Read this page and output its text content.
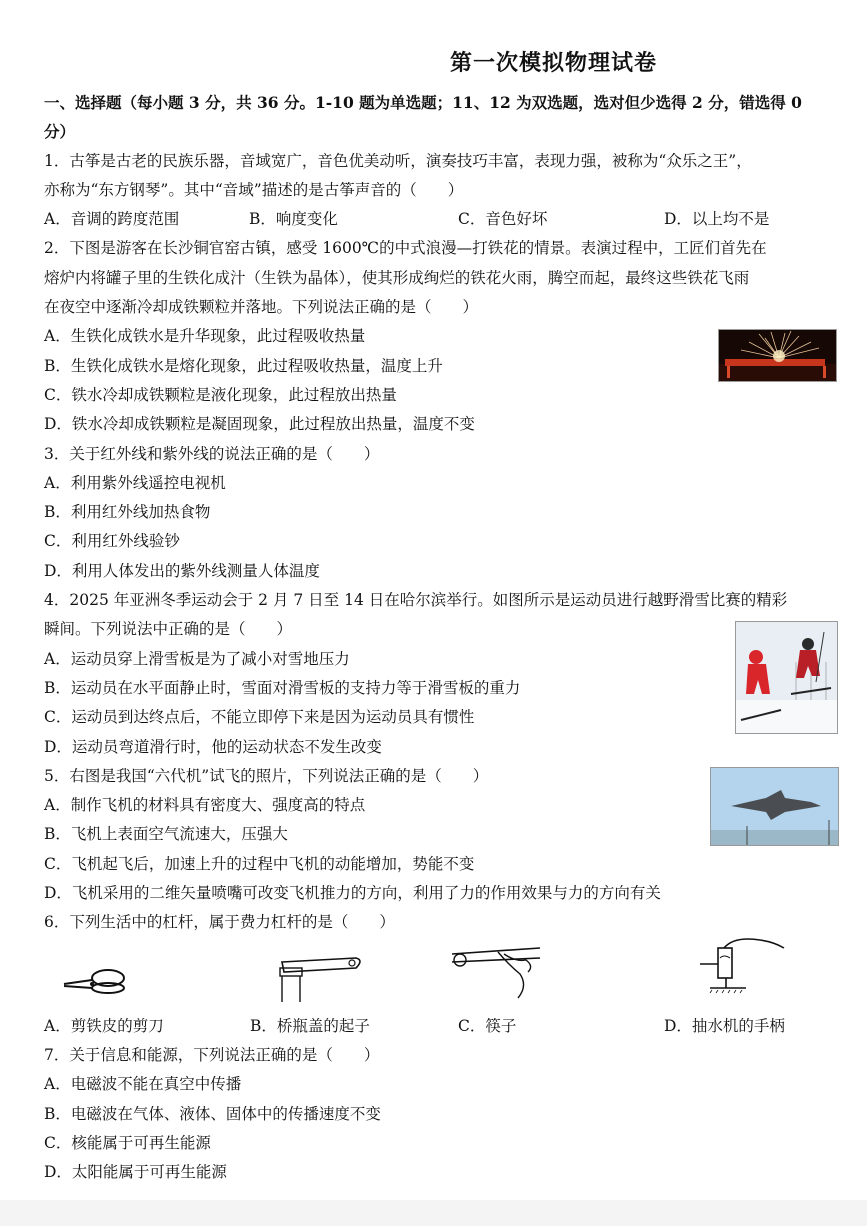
第一次模拟物理试卷
一、选择题（每小题 3 分，共 36 分。1-10 题为单选题；11、12 为双选题，选对但少选得 2 分，错选得 0
分）
1．古筝是古老的民族乐器，音域宽广，音色优美动听，演奏技巧丰富，表现力强，被称为“众乐之王”，
亦称为“东方钢琴”。其中“音域”描述的是古筝声音的（　　）
A．音调的跨度范围	B．响度变化	C．音色好坏	D．以上均不是
2．下图是游客在长沙铜官窑古镇，感受 1600℃的中式浪漫—打铁花的情景。表演过程中，工匠们首先在
熔炉内将罐子里的生铁化成汁（生铁为晶体），使其形成绚烂的铁花火雨，腾空而起，最终这些铁花飞雨
在夜空中逐渐冷却成铁颗粒并落地。下列说法正确的是（　　）
A．生铁化成铁水是升华现象，此过程吸收热量
B．生铁化成铁水是熔化现象，此过程吸收热量，温度上升
C．铁水冷却成铁颗粒是液化现象，此过程放出热量
D．铁水冷却成铁颗粒是凝固现象，此过程放出热量，温度不变
3．关于红外线和紫外线的说法正确的是（　　）
A．利用紫外线遥控电视机
B．利用红外线加热食物
C．利用红外线验钞
D．利用人体发出的紫外线测量人体温度
4．2025 年亚洲冬季运动会于 2 月 7 日至 14 日在哈尔滨举行。如图所示是运动员进行越野滑雪比赛的精彩
瞬间。下列说法中正确的是（　　）
A．运动员穿上滑雪板是为了减小对雪地压力
B．运动员在水平面静止时，雪面对滑雪板的支持力等于滑雪板的重力
C．运动员到达终点后，不能立即停下来是因为运动员具有惯性
D．运动员弯道滑行时，他的运动状态不发生改变
5．右图是我国“六代机”试飞的照片，下列说法正确的是（　　）
A．制作飞机的材料具有密度大、强度高的特点
B．飞机上表面空气流速大，压强大
C．飞机起飞后，加速上升的过程中飞机的动能增加，势能不变
D．飞机采用的二维矢量喷嘴可改变飞机推力的方向，利用了力的作用效果与力的方向有关
6．下列生活中的杠杆，属于费力杠杆的是（　　）
A．剪铁皮的剪刀	B．桥瓶盖的起子	C．筷子	D．抽水机的手柄
7．关于信息和能源，下列说法正确的是（　　）
A．电磁波不能在真空中传播
B．电磁波在气体、液体、固体中的传播速度不变
C．核能属于可再生能源
D．太阳能属于可再生能源
